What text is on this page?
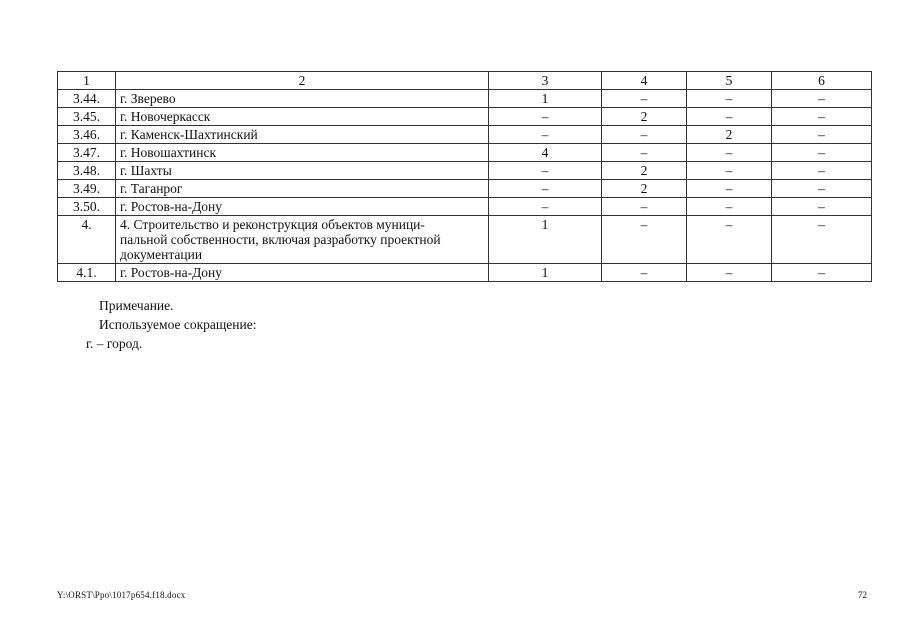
1	2	3	4	5	6
3.44.	г. Зверево	1	–	–	–
3.45.	г. Новочеркасск	–	2	–	–
3.46.	г. Каменск-Шахтинский	–	–	2	–
3.47.	г. Новошахтинск	4	–	–	–
3.48.	г. Шахты	–	2	–	–
3.49.	г. Таганрог	–	2	–	–
3.50.	г. Ростов-на-Дону	–	–	–	–
4.	4. Строительство и реконструкция объектов муници-
пальной собственности, включая разработку проектной
документации	1	–	–	–
4.1.	г. Ростов-на-Дону	1	–	–	–
Примечание.
Используемое сокращение:
г. – город.
Y:\ORST\Ppo\1017p654.f18.docx	72
